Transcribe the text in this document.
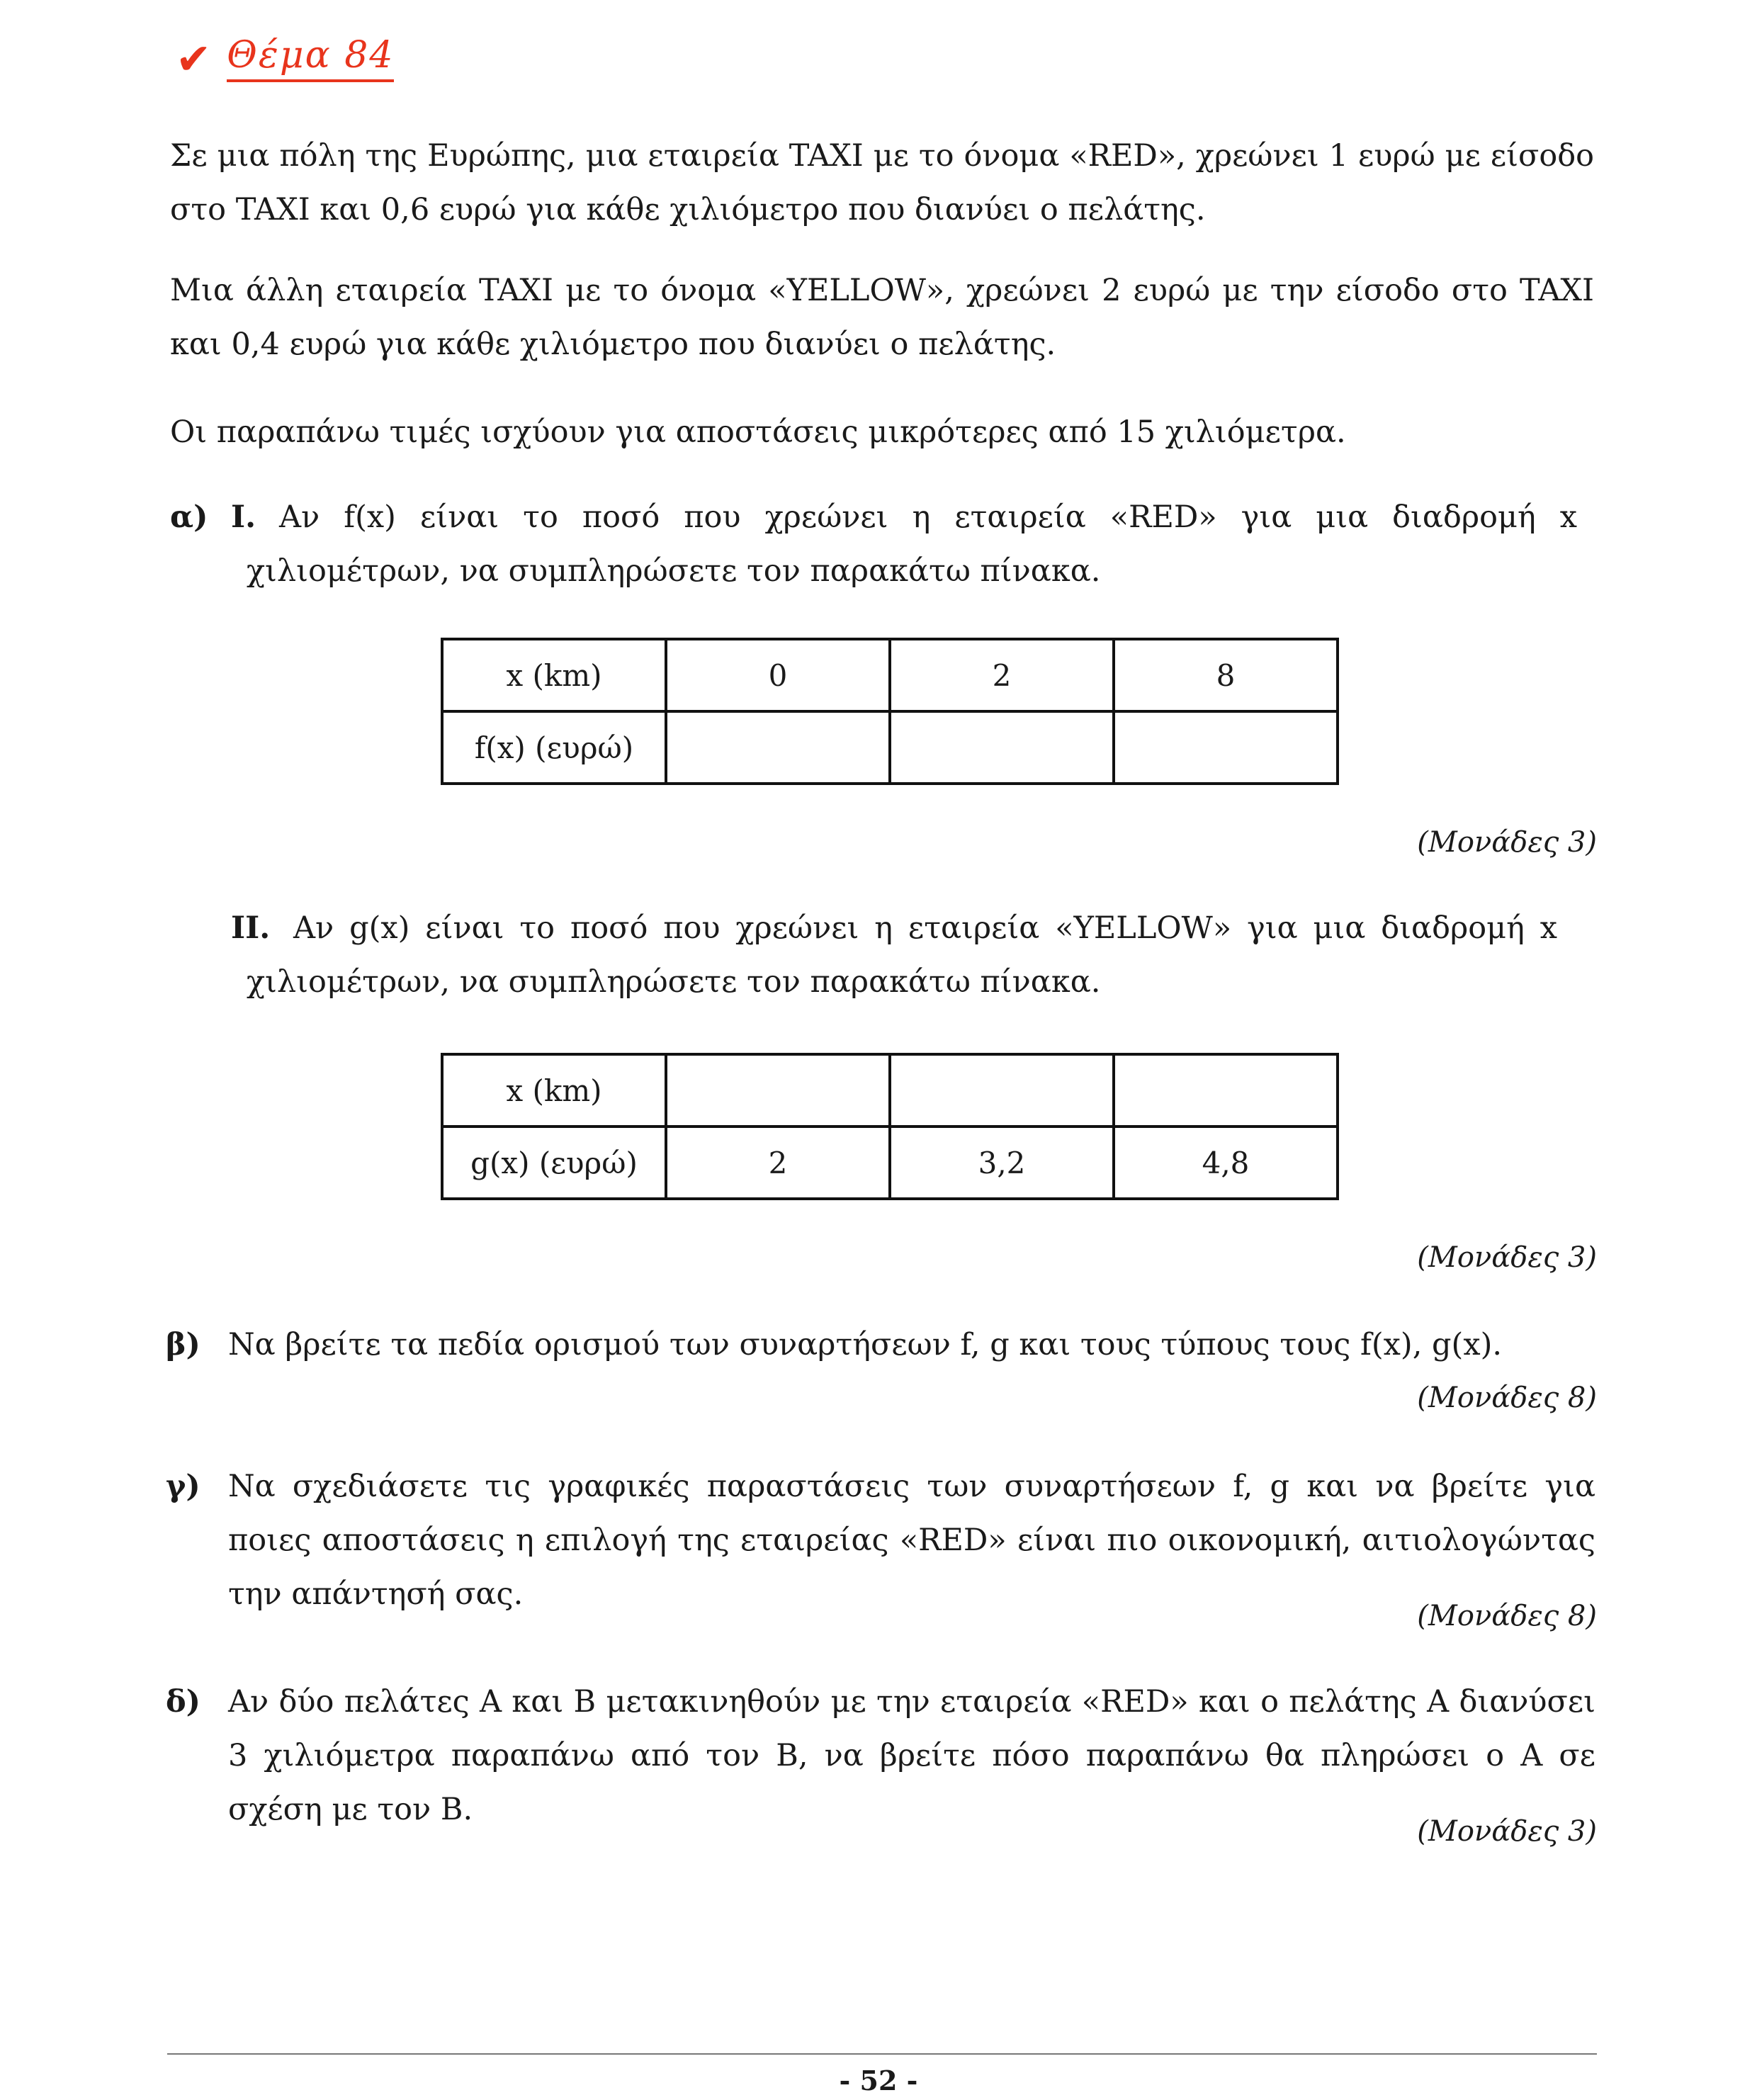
✔ Θέμα 84

Σε μια πόλη της Ευρώπης, μια εταιρεία TAXI με το όνομα «RED», χρεώνει 1 ευρώ με είσοδο στο TAXI και 0,6 ευρώ για κάθε χιλιόμετρο που διανύει ο πελάτης.

Μια άλλη εταιρεία TAXI με το όνομα «YELLOW», χρεώνει 2 ευρώ με την είσοδο στο TAXI και 0,4 ευρώ για κάθε χιλιόμετρο που διανύει ο πελάτης.

Οι παραπάνω τιμές ισχύουν για αποστάσεις μικρότερες από 15 χιλιόμετρα.

α) I. Αν f(x) είναι το ποσό που χρεώνει η εταιρεία «RED» για μια διαδρομή x χιλιομέτρων, να συμπληρώσετε τον παρακάτω πίνακα.

x (km)	0	2	8
f(x) (ευρώ)			
(Μονάδες 3)
II. Αν g(x) είναι το ποσό που χρεώνει η εταιρεία «YELLOW» για μια διαδρομή x χιλιομέτρων, να συμπληρώσετε τον παρακάτω πίνακα.

x (km)			
g(x) (ευρώ)	2	3,2	4,8
(Μονάδες 3)
β) Να βρείτε τα πεδία ορισμού των συναρτήσεων f, g και τους τύπους τους f(x), g(x).

(Μονάδες 8)
γ) Να σχεδιάσετε τις γραφικές παραστάσεις των συναρτήσεων f, g και να βρείτε για ποιες αποστάσεις η επιλογή της εταιρείας «RED» είναι πιο οικονομική, αιτιολογώντας την απάντησή σας.

(Μονάδες 8)
δ) Αν δύο πελάτες Α και Β μετακινηθούν με την εταιρεία «RED» και ο πελάτης Α διανύσει 3 χιλιόμετρα παραπάνω από τον Β, να βρείτε πόσο παραπάνω θα πληρώσει ο Α σε σχέση με τον Β.

(Μονάδες 3)
- 52 -
